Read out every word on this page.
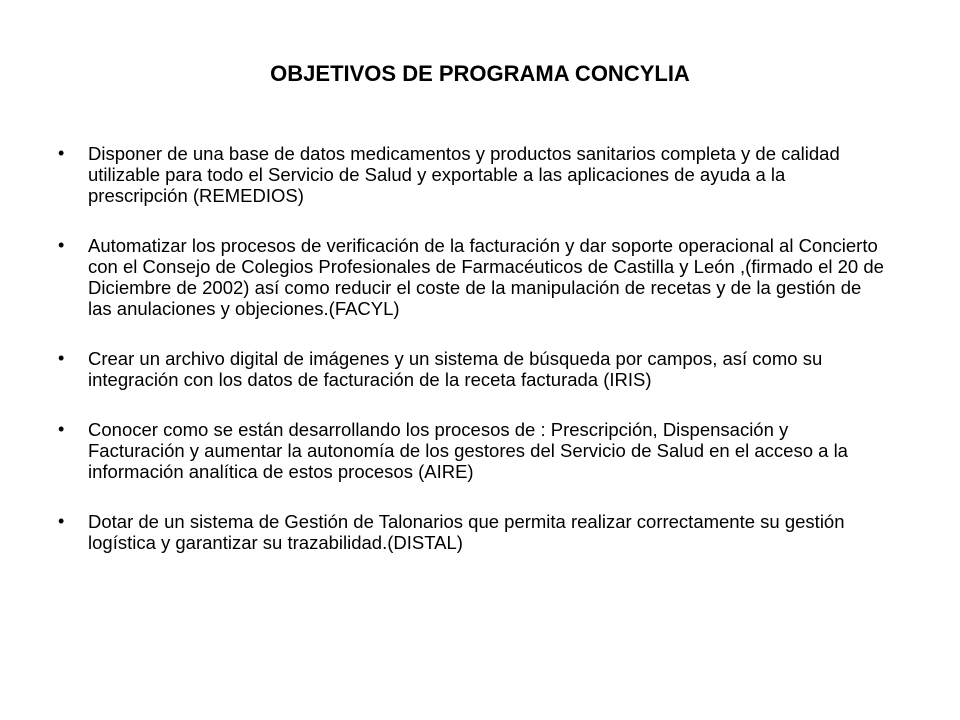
OBJETIVOS DE PROGRAMA CONCYLIA
•	Disponer de una base de datos medicamentos y productos sanitarios completa y de calidad utilizable para todo el Servicio de Salud y exportable a las aplicaciones de ayuda a la prescripción (REMEDIOS)
•	Automatizar los procesos de verificación de la facturación y dar soporte operacional al Concierto con el Consejo de Colegios Profesionales de Farmacéuticos de Castilla y León ,(firmado el 20 de Diciembre de 2002) así como reducir el coste de la manipulación de recetas y de la gestión de las anulaciones y objeciones.(FACYL)
•	Crear un archivo digital de imágenes y un sistema de búsqueda por campos, así como su integración con los datos de facturación de la receta facturada (IRIS)
•	Conocer como se están desarrollando los procesos de : Prescripción, Dispensación y Facturación y aumentar la autonomía de los gestores del Servicio de Salud en el acceso a la información analítica de estos procesos (AIRE)
•	Dotar de un sistema de Gestión de Talonarios que permita realizar correctamente su gestión logística y garantizar su trazabilidad.(DISTAL)
